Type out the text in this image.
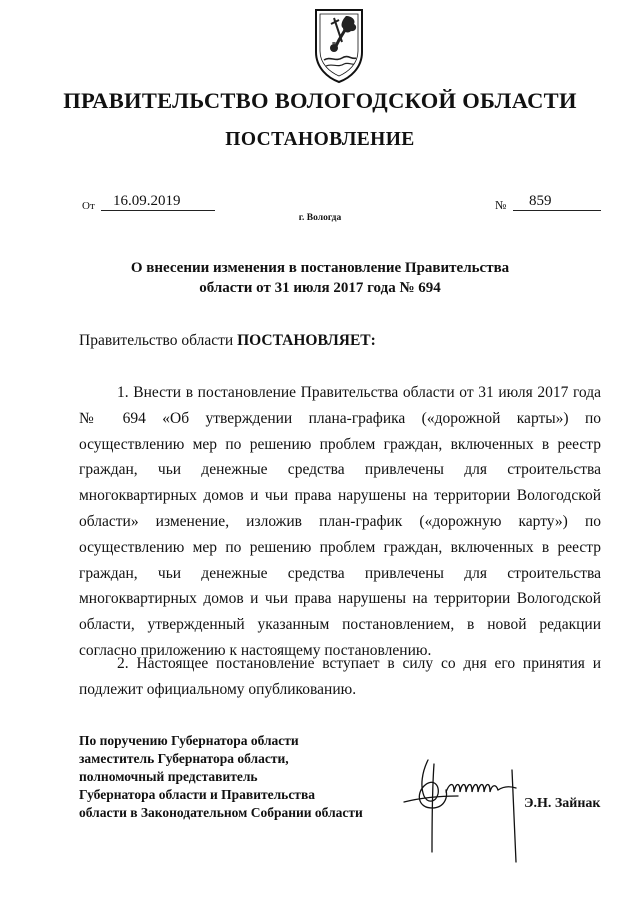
ПРАВИТЕЛЬСТВО ВОЛОГОДСКОЙ ОБЛАСТИ
ПОСТАНОВЛЕНИЕ
От	16.09.2019	№	859
г. Вологда
О внесении изменения в постановление Правительства
области от 31 июля 2017 года № 694
Правительство области ПОСТАНОВЛЯЕТ:
1. Внести в постановление Правительства области от 31 июля 2017 года № 694 «Об утверждении плана-графика («дорожной карты») по осуществлению мер по решению проблем граждан, включенных в реестр граждан, чьи денежные средства привлечены для строительства многоквартирных домов и чьи права нарушены на территории Вологодской области» изменение, изложив план-график («дорожную карту») по осуществлению мер по решению проблем граждан, включенных в реестр граждан, чьи денежные средства привлечены для строительства многоквартирных домов и чьи права нарушены на территории Вологодской области, утвержденный указанным постановлением, в новой редакции согласно приложению к настоящему постановлению.
2. Настоящее постановление вступает в силу со дня его принятия и подлежит официальному опубликованию.
По поручению Губернатора области
заместитель Губернатора области,
полномочный представитель
Губернатора области и Правительства
области в Законодательном Собрании области
Э.Н. Зайнак
